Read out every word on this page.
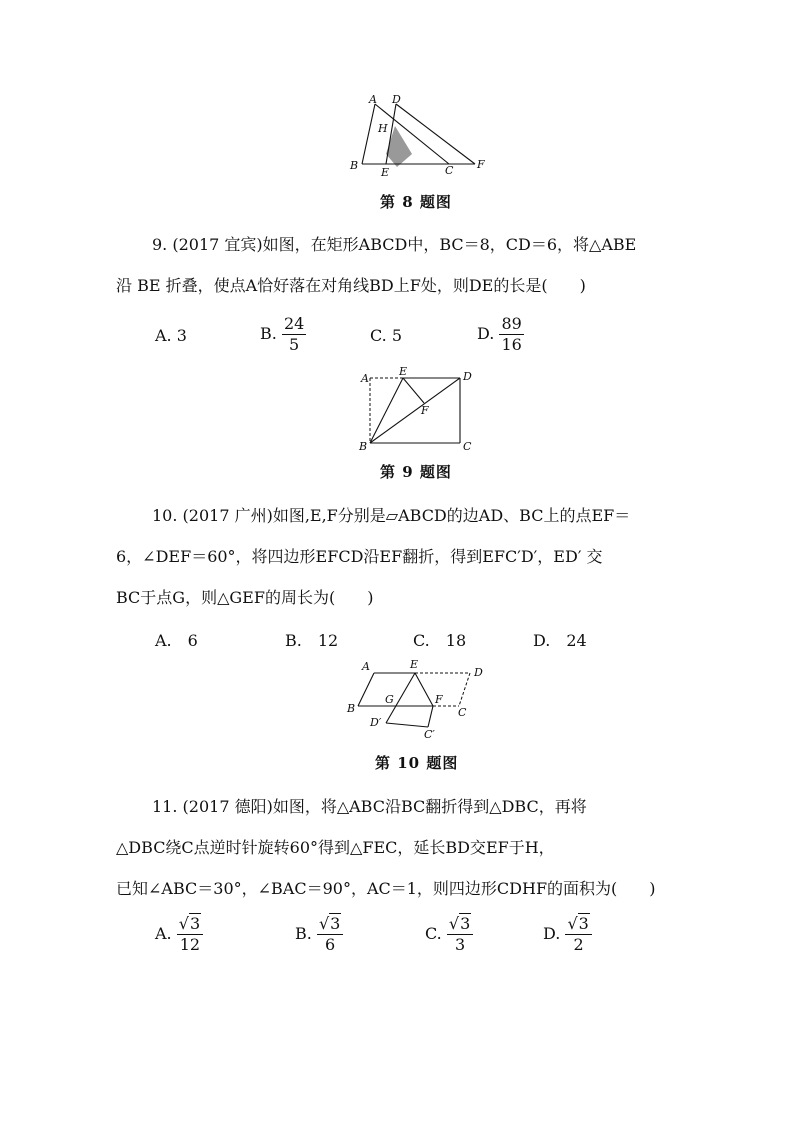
A D
H
B
E	C F
第 8 题图
9. (2017 宜宾)如图，在矩形ABCD中，BC＝8，CD＝6，将△ABE
沿 BE 折叠，使点A恰好落在对角线BD上F处，则DE的长是(　　)
A. 3	B. $\frac{24}{5}$	C. 5	D. $\frac{89}{16}$
A
E	D
F
B	C
第 9 题图
10. (2017 广州)如图,E,F分别是▱ABCD的边AD、BC上的点EF＝
6，∠DEF＝60°，将四边形EFCD沿EF翻折，得到EFC′D′，ED′ 交
BC于点G，则△GEF的周长为(　　)
A.　6	B.　12	C.　18	D.　24
A	E
D
B
G	F
C
D′
C′
第 10 题图
11. (2017 德阳)如图，将△ABC沿BC翻折得到△DBC，再将
△DBC绕C点逆时针旋转60°得到△FEC，延长BD交EF于H，
已知∠ABC＝30°，∠BAC＝90°，AC＝1，则四边形CDHF的面积为(　　)
A. $\frac{√3}{12}$	B. $\frac{√3}{6}$	C. $\frac{√3}{3}$	D. $\frac{√3}{2}$
